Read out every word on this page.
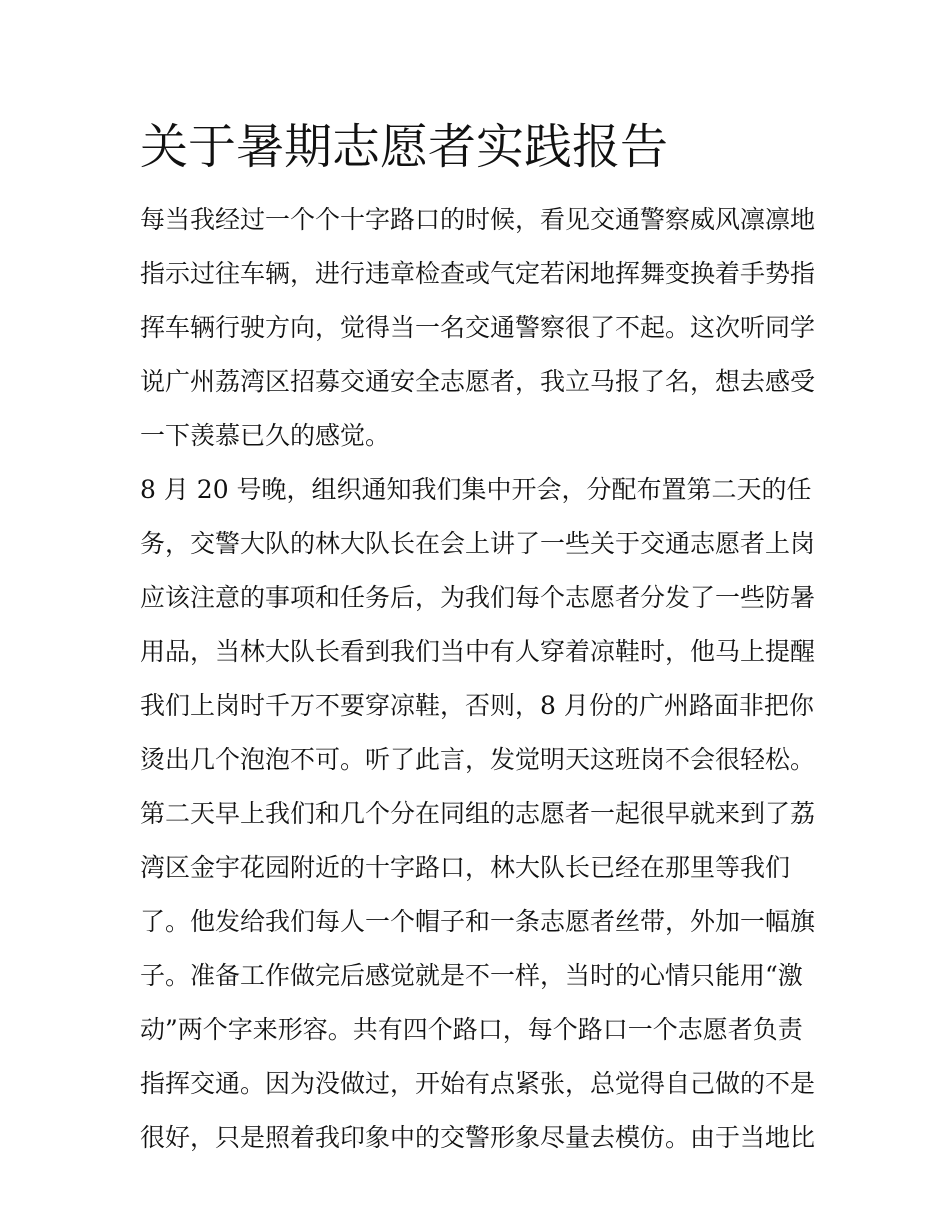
关于暑期志愿者实践报告

每当我经过一个个十字路口的时候，看见交通警察威风凛凛地

指示过往车辆，进行违章检查或气定若闲地挥舞变换着手势指

挥车辆行驶方向，觉得当一名交通警察很了不起。这次听同学

说广州荔湾区招募交通安全志愿者，我立马报了名，想去感受

一下羡慕已久的感觉。

8 月 20 号晚，组织通知我们集中开会，分配布置第二天的任

务，交警大队的林大队长在会上讲了一些关于交通志愿者上岗

应该注意的事项和任务后，为我们每个志愿者分发了一些防暑

用品，当林大队长看到我们当中有人穿着凉鞋时，他马上提醒

我们上岗时千万不要穿凉鞋，否则，8 月份的广州路面非把你

烫出几个泡泡不可。听了此言，发觉明天这班岗不会很轻松。

第二天早上我们和几个分在同组的志愿者一起很早就来到了荔

湾区金宇花园附近的十字路口，林大队长已经在那里等我们

了。他发给我们每人一个帽子和一条志愿者丝带，外加一幅旗

子。准备工作做完后感觉就是不一样，当时的心情只能用“激

动”两个字来形容。共有四个路口，每个路口一个志愿者负责

指挥交通。因为没做过，开始有点紧张，总觉得自己做的不是

很好，只是照着我印象中的交警形象尽量去模仿。由于当地比
